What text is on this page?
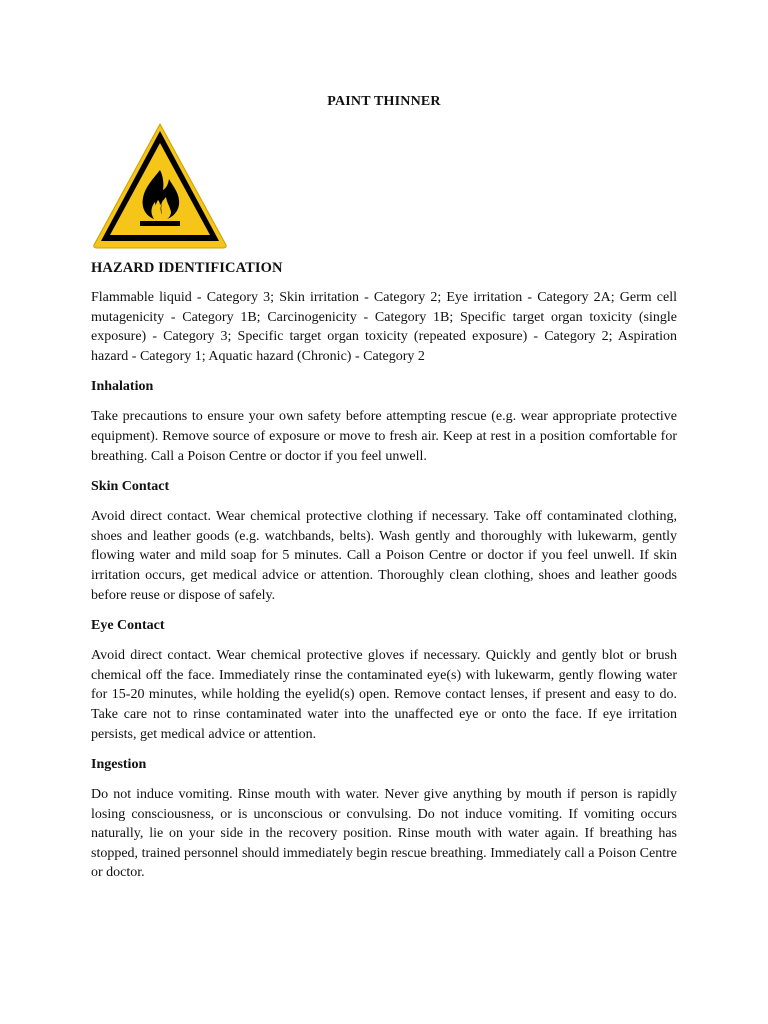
PAINT THINNER
HAZARD IDENTIFICATION

Flammable liquid - Category 3; Skin irritation - Category 2; Eye irritation - Category 2A; Germ cell mutagenicity - Category 1B; Carcinogenicity - Category 1B; Specific target organ toxicity (single exposure) - Category 3; Specific target organ toxicity (repeated exposure) - Category 2; Aspiration hazard - Category 1; Aquatic hazard (Chronic) - Category 2

Inhalation

Take precautions to ensure your own safety before attempting rescue (e.g. wear appropriate protective equipment). Remove source of exposure or move to fresh air. Keep at rest in a position comfortable for breathing. Call a Poison Centre or doctor if you feel unwell.

Skin Contact

Avoid direct contact. Wear chemical protective clothing if necessary. Take off contaminated clothing, shoes and leather goods (e.g. watchbands, belts). Wash gently and thoroughly with lukewarm, gently flowing water and mild soap for 5 minutes. Call a Poison Centre or doctor if you feel unwell. If skin irritation occurs, get medical advice or attention. Thoroughly clean clothing, shoes and leather goods before reuse or dispose of safely.

Eye Contact

Avoid direct contact. Wear chemical protective gloves if necessary. Quickly and gently blot or brush chemical off the face. Immediately rinse the contaminated eye(s) with lukewarm, gently flowing water for 15-20 minutes, while holding the eyelid(s) open. Remove contact lenses, if present and easy to do. Take care not to rinse contaminated water into the unaffected eye or onto the face. If eye irritation persists, get medical advice or attention.

Ingestion

Do not induce vomiting. Rinse mouth with water. Never give anything by mouth if person is rapidly losing consciousness, or is unconscious or convulsing. Do not induce vomiting. If vomiting occurs naturally, lie on your side in the recovery position. Rinse mouth with water again. If breathing has stopped, trained personnel should immediately begin rescue breathing. Immediately call a Poison Centre or doctor.
